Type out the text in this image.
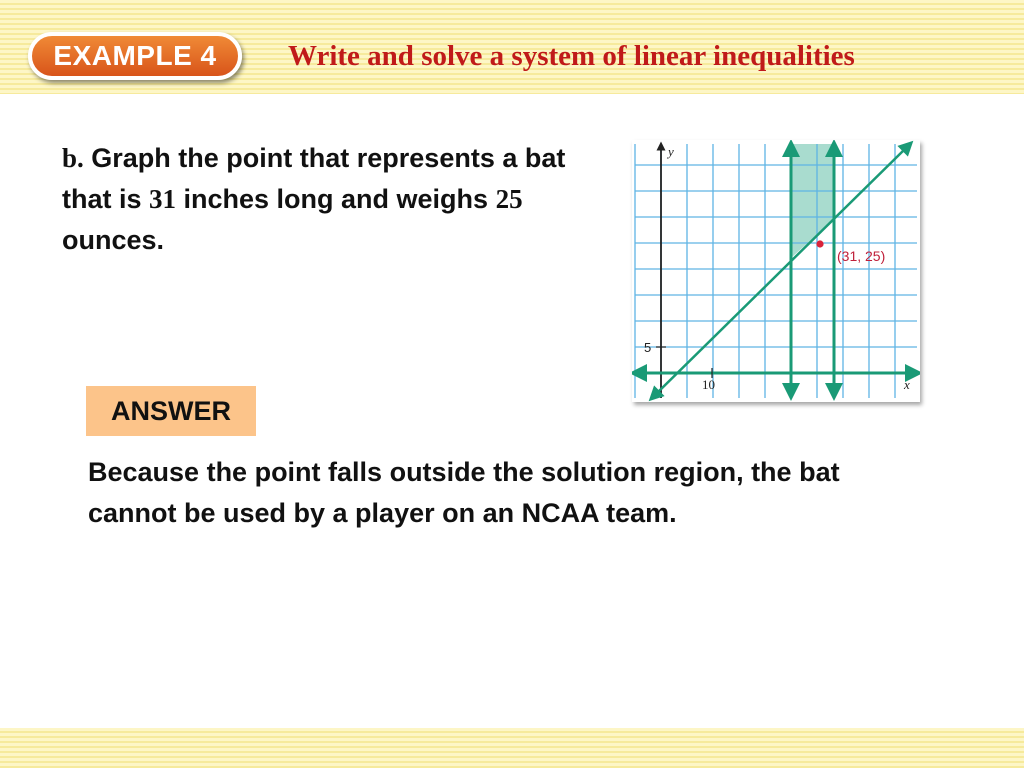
EXAMPLE 4	Write and solve a system of linear inequalities
b. Graph the point that represents a bat that is 31 inches long and weighs 25 ounces.
y
x
5
10
(31, 25)
ANSWER
Because the point falls outside the solution region, the bat cannot be used by a player on an NCAA team.
